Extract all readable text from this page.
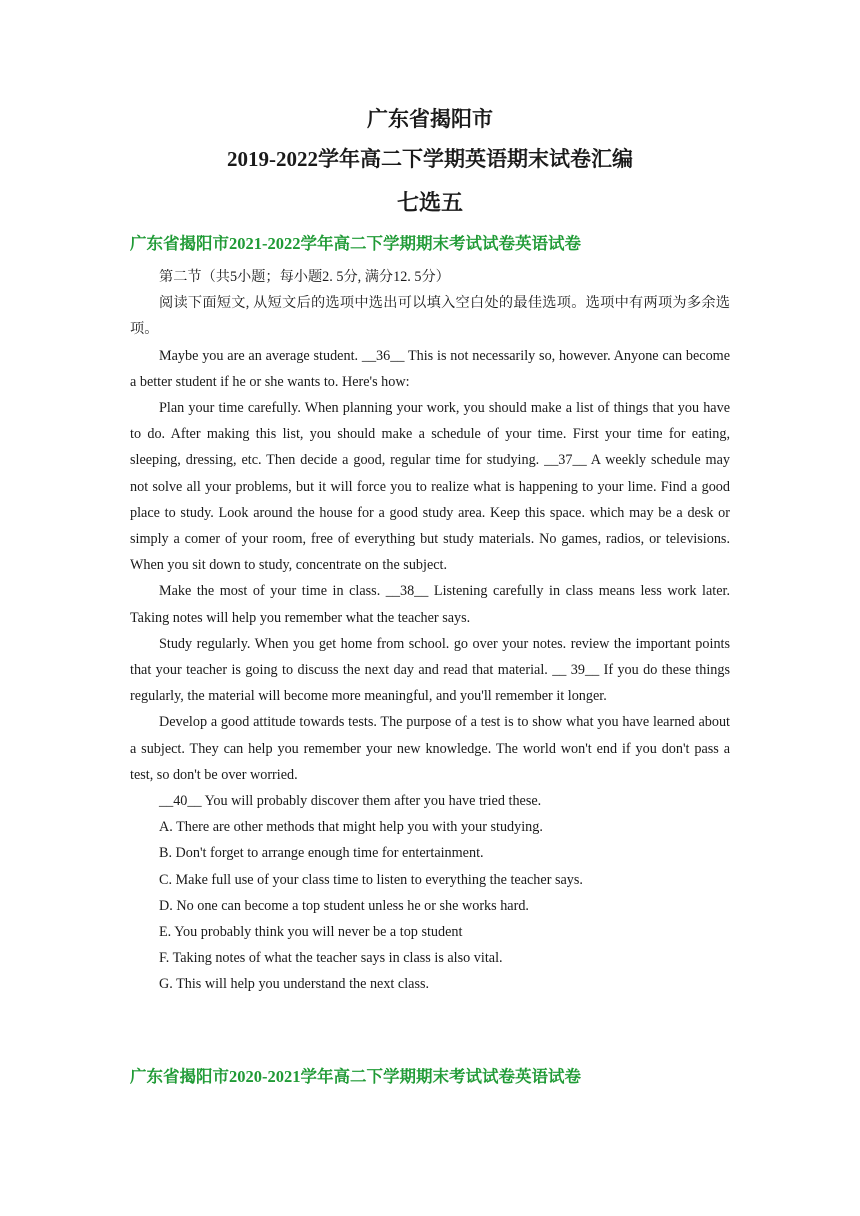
广东省揭阳市

2019-2022学年高二下学期英语期末试卷汇编

七选五

广东省揭阳市2021-2022学年高二下学期期末考试试卷英语试卷

第二节（共5小题；每小题2. 5分, 满分12. 5分）

阅读下面短文, 从短文后的选项中选出可以填入空白处的最佳选项。选项中有两项为多余选项。

Maybe you are an average student. __36__ This is not necessarily so, however. Anyone can become a better student if he or she wants to. Here's how:

Plan your time carefully. When planning your work, you should make a list of things that you have to do. After making this list, you should make a schedule of your time. First your time for eating, sleeping, dressing, etc. Then decide a good, regular time for studying. __37__ A weekly schedule may not solve all your problems, but it will force you to realize what is happening to your lime. Find a good place to study. Look around the house for a good study area. Keep this space. which may be a desk or simply a comer of your room, free of everything but study materials. No games, radios, or televisions. When you sit down to study, concentrate on the subject.

Make the most of your time in class. __38__ Listening carefully in class means less work later. Taking notes will help you remember what the teacher says.

Study regularly. When you get home from school. go over your notes. review the important points that your teacher is going to discuss the next day and read that material. __ 39__ If you do these things regularly, the material will become more meaningful, and you'll remember it longer.

Develop a good attitude towards tests. The purpose of a test is to show what you have learned about a subject. They can help you remember your new knowledge. The world won't end if you don't pass a test, so don't be over worried.

__40__ You will probably discover them after you have tried these.

A. There are other methods that might help you with your studying.

B. Don't forget to arrange enough time for entertainment.

C. Make full use of your class time to listen to everything the teacher says.

D. No one can become a top student unless he or she works hard.

E. You probably think you will never be a top student

F. Taking notes of what the teacher says in class is also vital.

G. This will help you understand the next class.

广东省揭阳市2020-2021学年高二下学期期末考试试卷英语试卷
